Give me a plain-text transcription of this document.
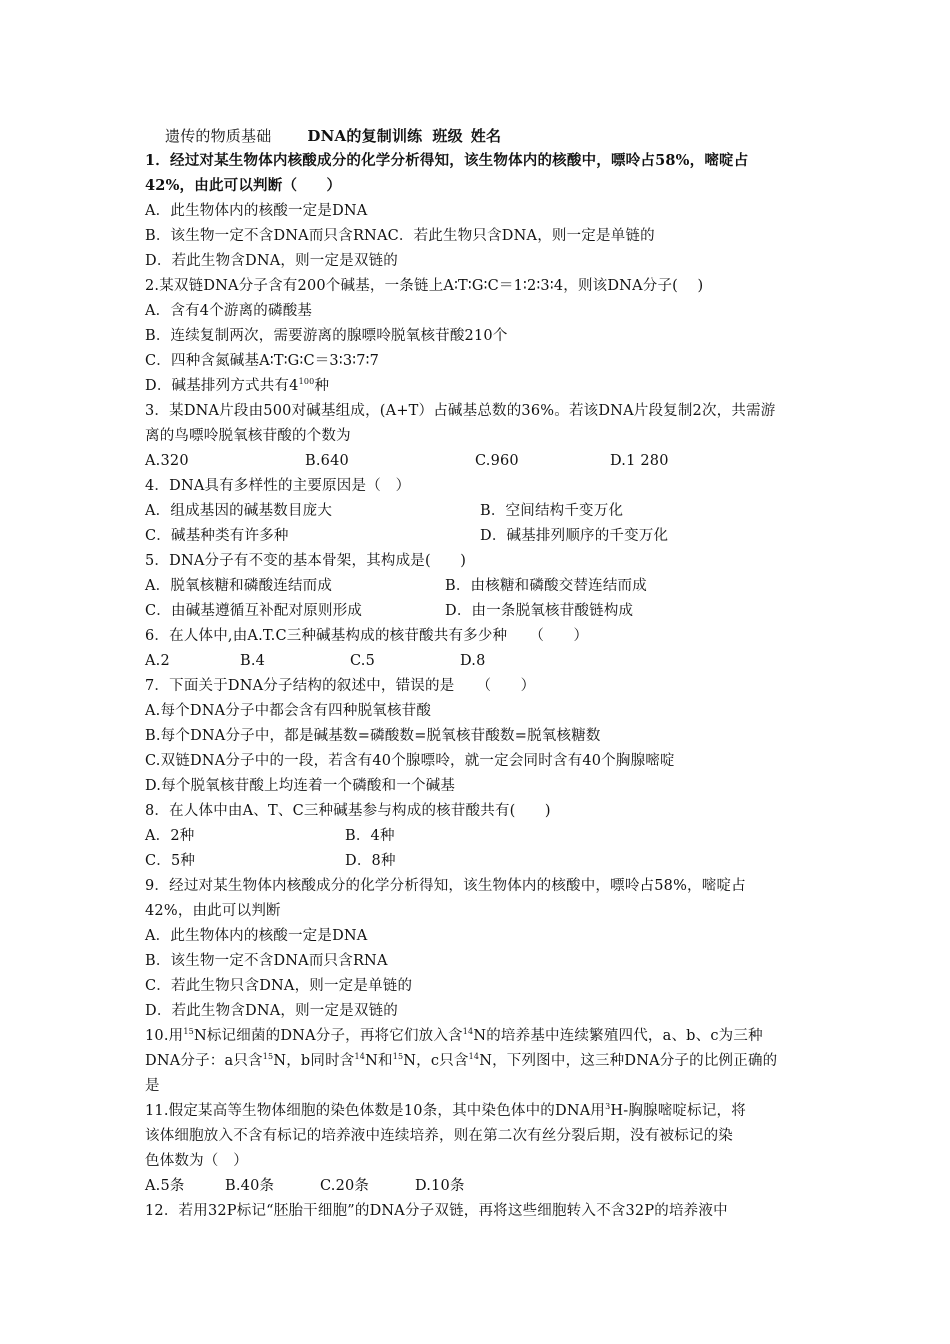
遗传的物质基础 DNA的复制训练 班级 姓名
1．经过对某生物体内核酸成分的化学分析得知，该生物体内的核酸中，嘌呤占58%，嘧啶占
42%，由此可以判断（　　）
A．此生物体内的核酸一定是DNA
B．该生物一定不含DNA而只含RNAC．若此生物只含DNA，则一定是单链的
D．若此生物含DNA，则一定是双链的
2.某双链DNA分子含有200个碱基，一条链上A∶T∶G∶C＝1∶2∶3∶4，则该DNA分子(　 )
A．含有4个游离的磷酸基
B．连续复制两次，需要游离的腺嘌呤脱氧核苷酸210个
C．四种含氮碱基A∶T∶G∶C＝3∶3∶7∶7
D．碱基排列方式共有$4^{100}$种
3．某DNA片段由500对碱基组成，(A+T）占碱基总数的36%。若该DNA片段复制2次，共需游
离的鸟嘌呤脱氧核苷酸的个数为
A.320	B.640	C.960	D.1 280
4．DNA具有多样性的主要原因是（　）
A．组成基因的碱基数目庞大	B．空间结构千变万化
C．碱基种类有许多种	D．碱基排列顺序的千变万化
5．DNA分子有不变的基本骨架，其构成是(　　)
A．脱氧核糖和磷酸连结而成	B．由核糖和磷酸交替连结而成
C．由碱基遵循互补配对原则形成	D．由一条脱氧核苷酸链构成
6．在人体中,由A.T.C三种碱基构成的核苷酸共有多少种　　（　　）
A.2	B.4	C.5	D.8
7．下面关于DNA分子结构的叙述中，错误的是　　（　　）
A.每个DNA分子中都会含有四种脱氧核苷酸
B.每个DNA分子中，都是碱基数=磷酸数=脱氧核苷酸数=脱氧核糖数
C.双链DNA分子中的一段，若含有40个腺嘌呤，就一定会同时含有40个胸腺嘧啶
D.每个脱氧核苷酸上均连着一个磷酸和一个碱基
8．在人体中由A、T、C三种碱基参与构成的核苷酸共有(　　)
A．2种	B．4种
C．5种	D．8种
9．经过对某生物体内核酸成分的化学分析得知，该生物体内的核酸中，嘌呤占58%，嘧啶占
42%，由此可以判断
A．此生物体内的核酸一定是DNA
B．该生物一定不含DNA而只含RNA
C．若此生物只含DNA，则一定是单链的
D．若此生物含DNA，则一定是双链的
10.用$^{15}$N标记细菌的DNA分子，再将它们放入含$^{14}$N的培养基中连续繁殖四代，a、b、c为三种
DNA分子：a只含$^{15}$N，b同时含$^{14}$N和$^{15}$N，c只含$^{14}$N，下列图中，这三种DNA分子的比例正确的
是
11.假定某高等生物体细胞的染色体数是10条，其中染色体中的DNA用$^3$H-胸腺嘧啶标记，将
该体细胞放入不含有标记的培养液中连续培养，则在第二次有丝分裂后期，没有被标记的染
色体数为（　）
A.5条	B.40条	C.20条	D.10条
12．若用32P标记“胚胎干细胞”的DNA分子双链，再将这些细胞转入不含32P的培养液中
